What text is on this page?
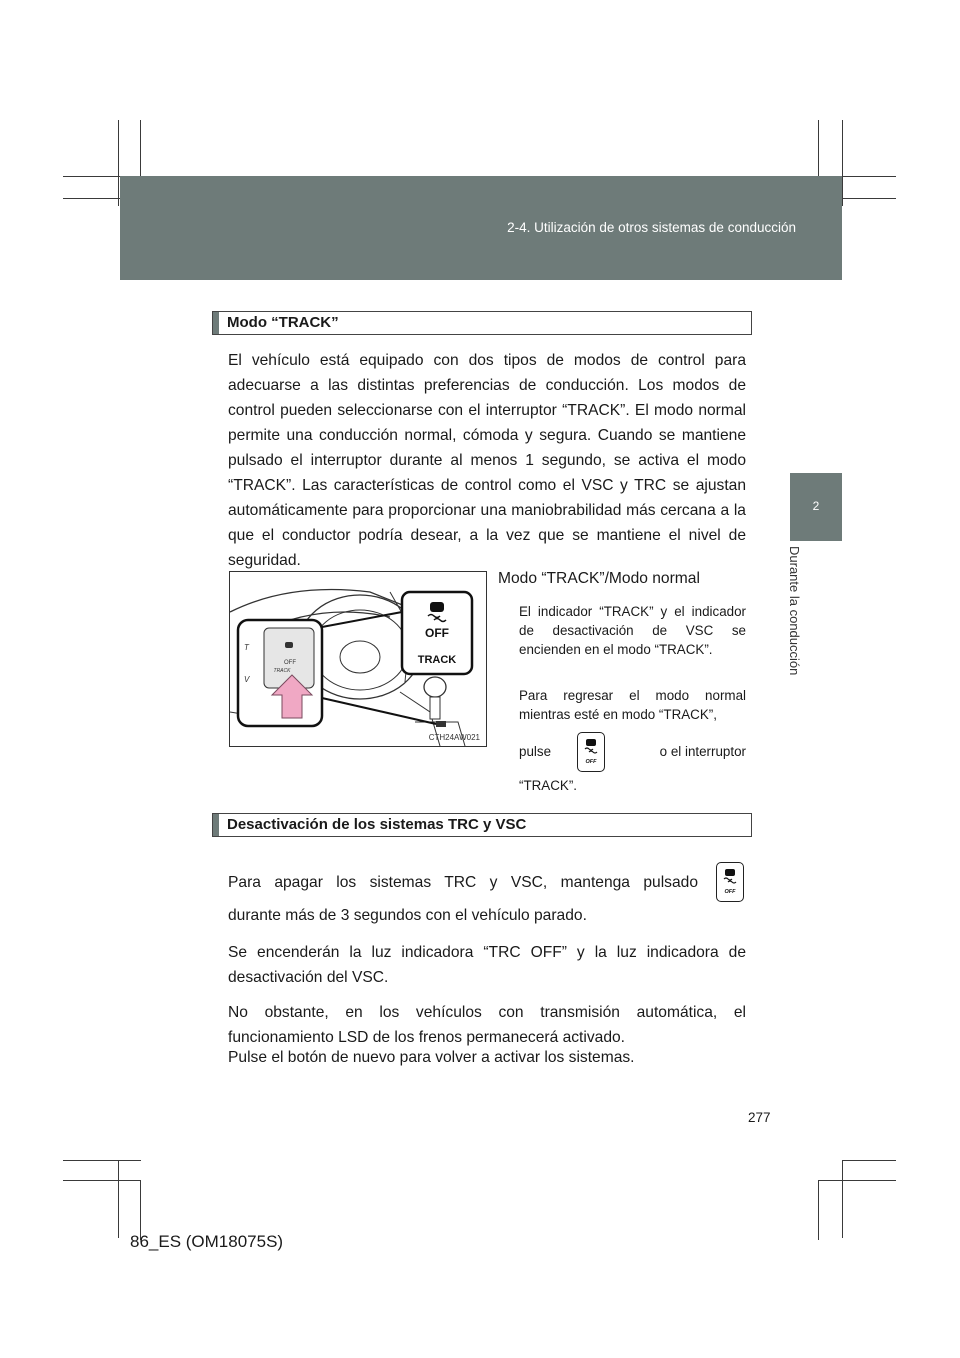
2-4. Utilización de otros sistemas de conducción
2
Durante la conducción
Modo “TRACK”
El vehículo está equipado con dos tipos de modos de control para adecuarse a las distintas preferencias de conducción. Los modos de control pueden seleccionarse con el interruptor “TRACK”. El modo normal permite una conducción normal, cómoda y segura. Cuando se mantiene pulsado el interruptor durante al menos 1 segundo, se activa el modo “TRACK”. Las características de control como el VSC y TRC se ajustan automáticamente para proporcionar una maniobrabilidad más cercana a la que el conductor podría desear, a la vez que se mantiene el nivel de seguridad.
OFF
TRACK
OFF
TRACK
T
V
CTH24AW021
Modo “TRACK”/Modo normal
El indicador “TRACK” y el indicador de desactivación de VSC se encienden en el modo “TRACK”.
Para regresar el modo normal mientras esté en modo “TRACK”,
pulse
OFF
o el interruptor
“TRACK”.
Desactivación de los sistemas TRC y VSC
Para apagar los sistemas TRC y VSC, mantenga pulsado
OFF
durante más de 3 segundos con el vehículo parado.
Se encenderán la luz indicadora “TRC OFF” y la luz indicadora de desactivación del VSC.
No obstante, en los vehículos con transmisión automática, el funcionamiento LSD de los frenos permanecerá activado.
Pulse el botón de nuevo para volver a activar los sistemas.
277
86_ES (OM18075S)
